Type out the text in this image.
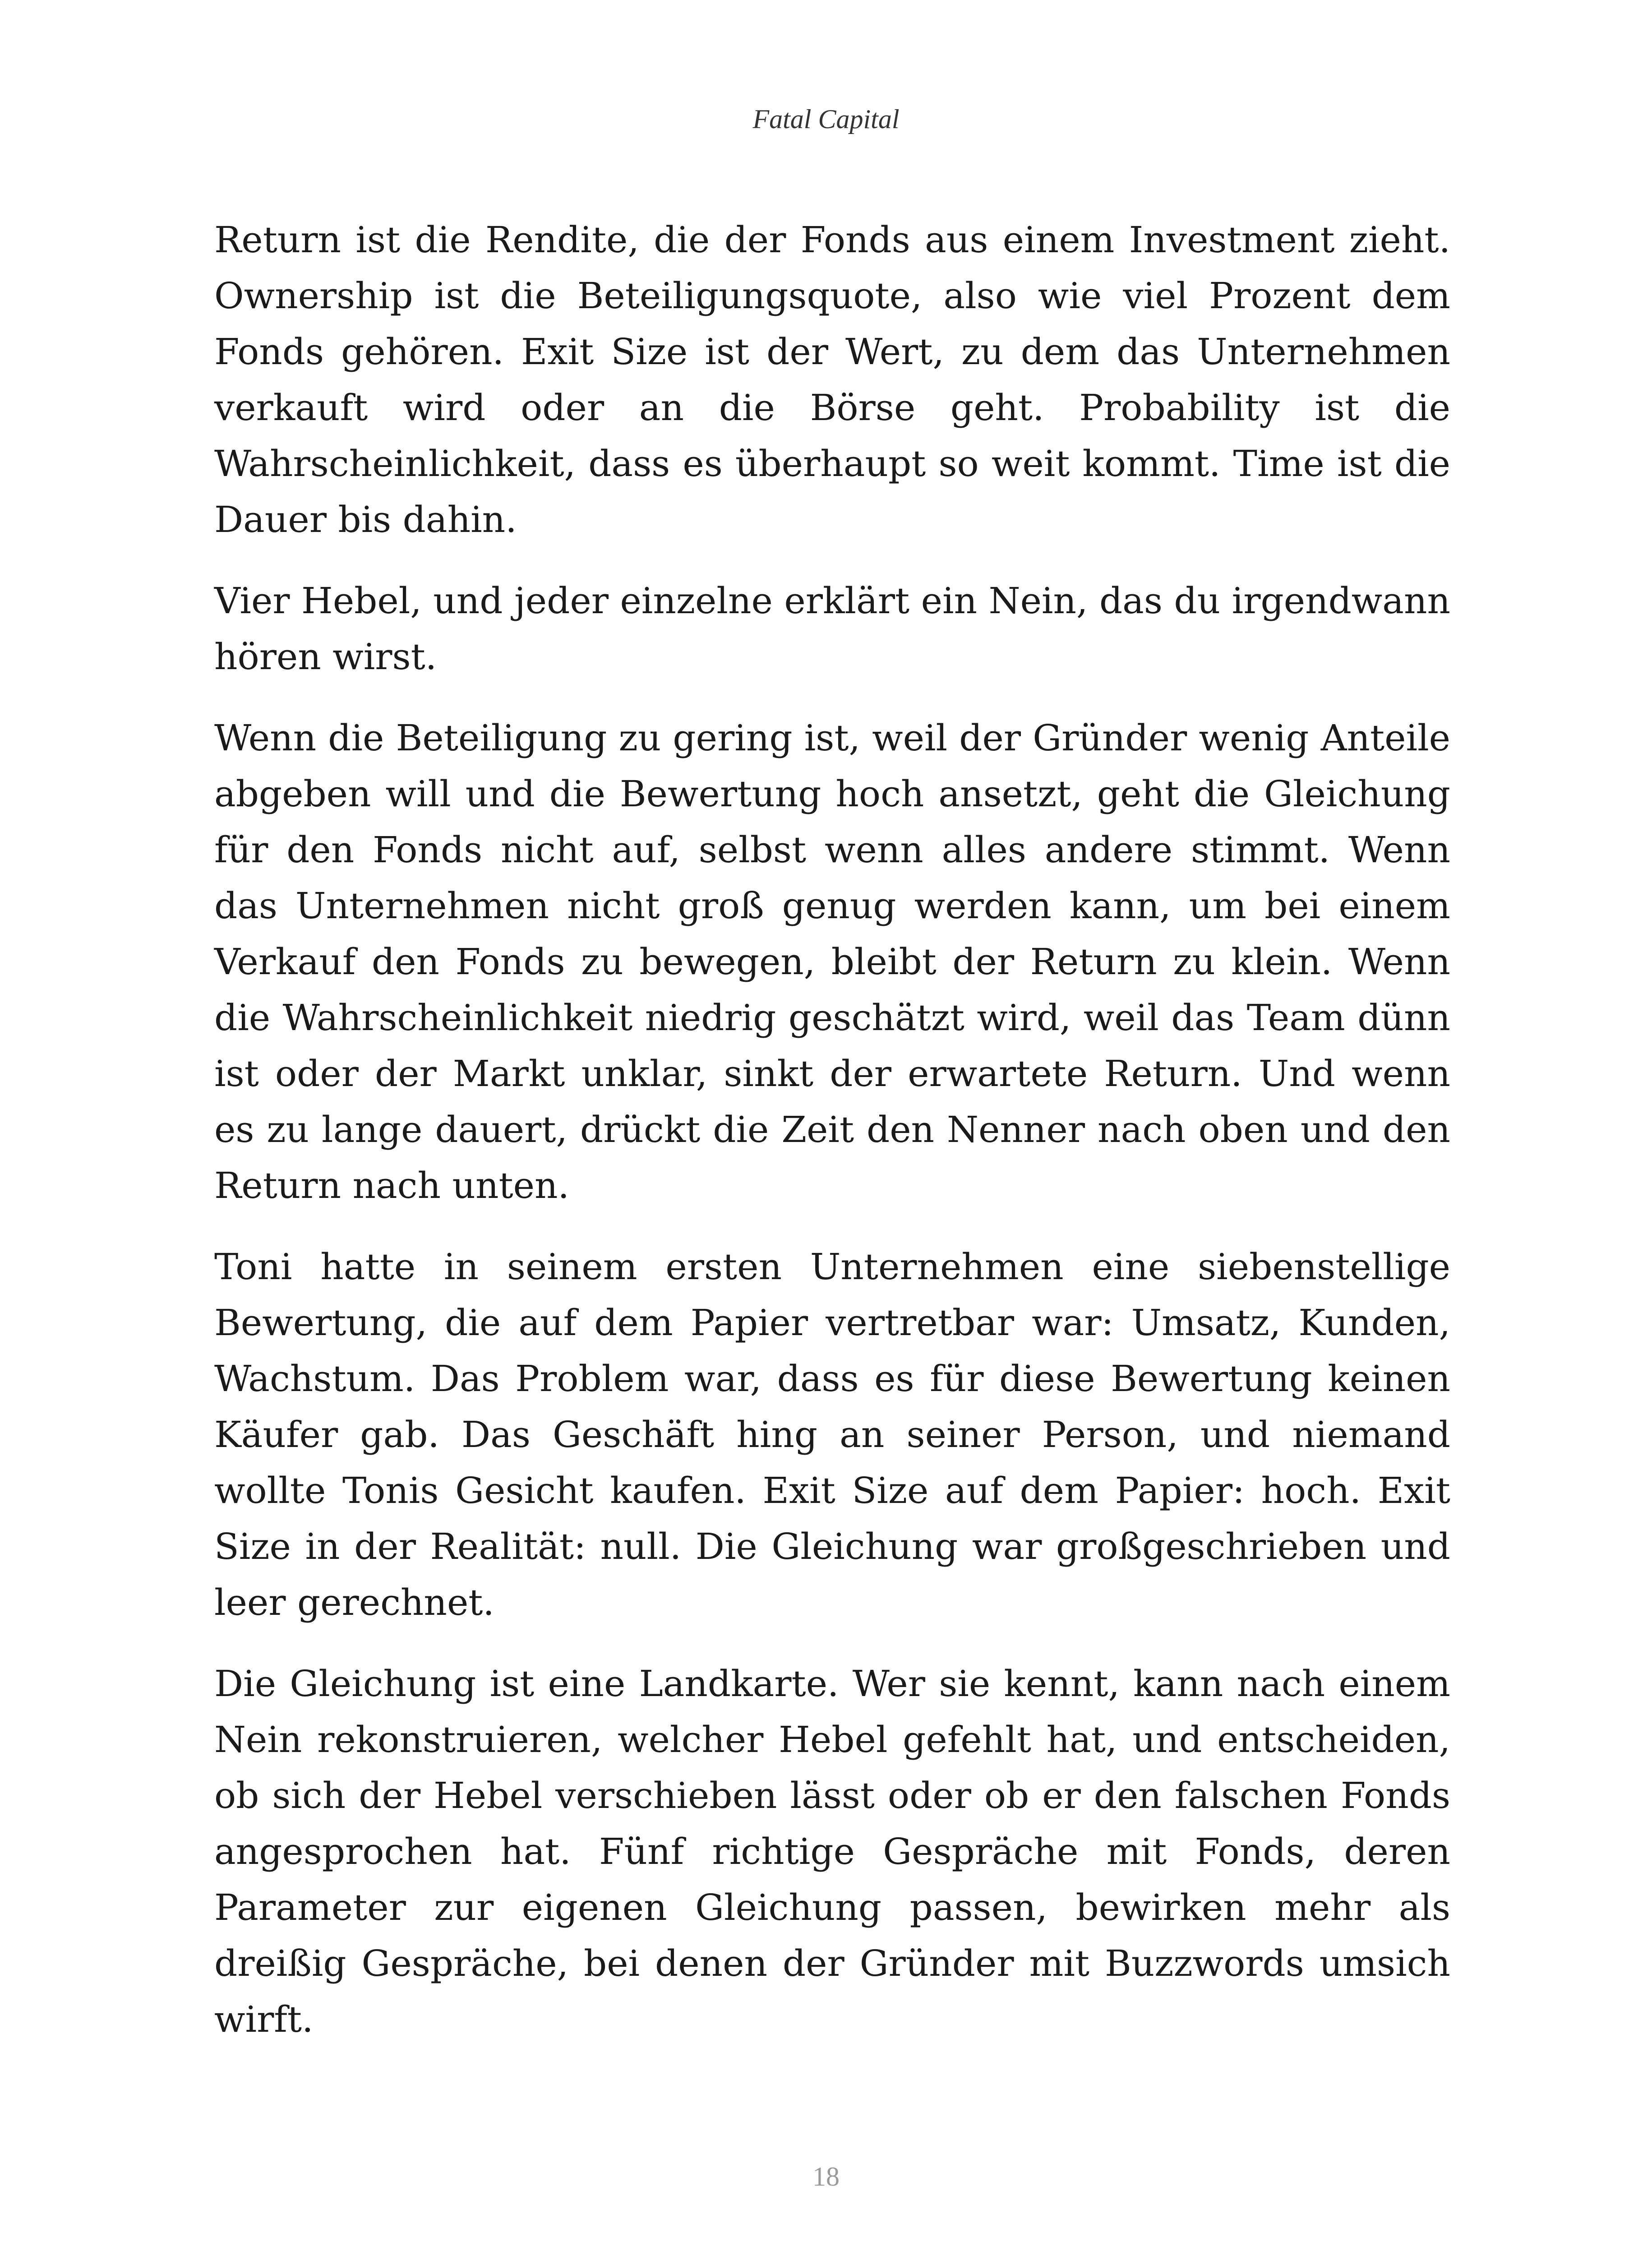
Fatal Capital

Return ist die Rendite, die der Fonds aus einem Investment zieht. Ownership ist die Beteiligungsquote, also wie viel Prozent dem Fonds gehören. Exit Size ist der Wert, zu dem das Unternehmen verkauft wird oder an die Börse geht. Probability ist die Wahrscheinlichkeit, dass es überhaupt so weit kommt. Time ist die Dauer bis dahin.

Vier Hebel, und jeder einzelne erklärt ein Nein, das du irgendwann hören wirst.

Wenn die Beteiligung zu gering ist, weil der Gründer wenig Anteile abgeben will und die Bewertung hoch ansetzt, geht die Gleichung für den Fonds nicht auf, selbst wenn alles andere stimmt. Wenn das Unternehmen nicht groß genug werden kann, um bei einem Verkauf den Fonds zu bewegen, bleibt der Return zu klein. Wenn die Wahrscheinlichkeit niedrig geschätzt wird, weil das Team dünn ist oder der Markt unklar, sinkt der erwartete Return. Und wenn es zu lange dauert, drückt die Zeit den Nenner nach oben und den Return nach unten.

Toni hatte in seinem ersten Unternehmen eine siebenstellige Bewertung, die auf dem Papier vertretbar war: Umsatz, Kunden, Wachstum. Das Problem war, dass es für diese Bewertung keinen Käufer gab. Das Geschäft hing an seiner Person, und niemand wollte Tonis Gesicht kaufen. Exit Size auf dem Papier: hoch. Exit Size in der Realität: null. Die Gleichung war großgeschrieben und leer gerechnet.

Die Gleichung ist eine Landkarte. Wer sie kennt, kann nach einem Nein rekonstruieren, welcher Hebel gefehlt hat, und entscheiden, ob sich der Hebel verschieben lässt oder ob er den falschen Fonds angesprochen hat. Fünf richtige Gespräche mit Fonds, deren Parameter zur eigenen Gleichung passen, bewirken mehr als dreißig Gespräche, bei denen der Gründer mit Buzzwords umsich wirft.

18
